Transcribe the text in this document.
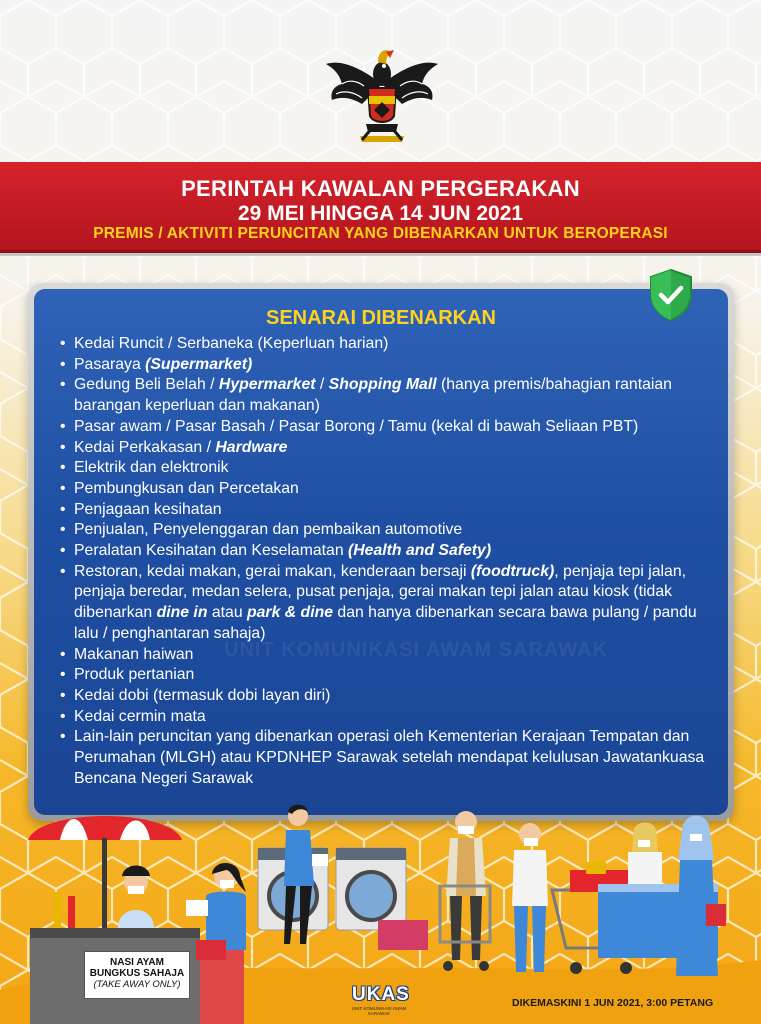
PERINTAH KAWALAN PERGERAKAN
29 MEI HINGGA 14 JUN 2021
PREMIS / AKTIVITI PERUNCITAN YANG DIBENARKAN UNTUK BEROPERASI
UNIT KOMUNIKASI AWAM SARAWAK
SENARAI DIBENARKAN
• Kedai Runcit / Serbaneka (Keperluan harian)
• Pasaraya (Supermarket)
• Gedung Beli Belah / Hypermarket / Shopping Mall (hanya premis/bahagian rantaian barangan keperluan dan makanan)
• Pasar awam / Pasar Basah / Pasar Borong / Tamu (kekal di bawah Seliaan PBT)
• Kedai Perkakasan / Hardware
• Elektrik dan elektronik
• Pembungkusan dan Percetakan
• Penjagaan kesihatan
• Penjualan, Penyelenggaran dan pembaikan automotive
• Peralatan Kesihatan dan Keselamatan (Health and Safety)
• Restoran, kedai makan, gerai makan, kenderaan bersaji (foodtruck), penjaja tepi jalan, penjaja beredar, medan selera, pusat penjaja, gerai makan tepi jalan atau kiosk (tidak dibenarkan dine in atau park & dine dan hanya dibenarkan secara bawa pulang / pandu lalu / penghantaran sahaja)
• Makanan haiwan
• Produk pertanian
• Kedai dobi (termasuk dobi layan diri)
• Kedai cermin mata
• Lain-lain peruncitan yang dibenarkan operasi oleh Kementerian Kerajaan Tempatan dan Perumahan (MLGH) atau KPDNHEP Sarawak setelah mendapat kelulusan Jawatankuasa Bencana Negeri Sarawak
NASI AYAM
BUNGKUS SAHAJA
(TAKE AWAY ONLY)	UKAS
UNIT KOMUNIKASI AWAM SARAWAK
DIKEMASKINI 1 JUN 2021, 3:00 PETANG
